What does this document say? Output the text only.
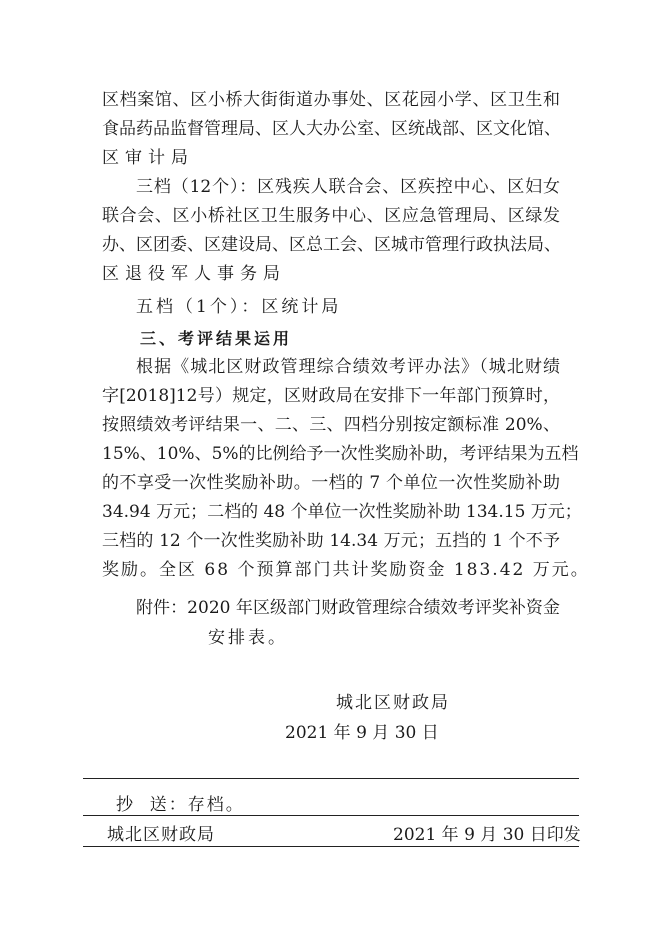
区档案馆、区小桥大街街道办事处、区花园小学、区卫生和
食品药品监督管理局、区人大办公室、区统战部、区文化馆、
区审计局
三档（12个）：区残疾人联合会、区疾控中心、区妇女
联合会、区小桥社区卫生服务中心、区应急管理局、区绿发
办、区团委、区建设局、区总工会、区城市管理行政执法局、
区退役军人事务局
五档（1个）：区统计局
三、考评结果运用
根据《城北区财政管理综合绩效考评办法》（城北财绩
字[2018]12号）规定，区财政局在安排下一年部门预算时，
按照绩效考评结果一、二、三、四档分别按定额标准 20%、
15%、10%、5%的比例给予一次性奖励补助，考评结果为五档
的不享受一次性奖励补助。一档的 7 个单位一次性奖励补助
34.94 万元；二档的 48 个单位一次性奖励补助 134.15 万元；
三档的 12 个一次性奖励补助 14.34 万元；五挡的 1 个不予
奖励。全区 68 个预算部门共计奖励资金 183.42 万元。
附件：2020 年区级部门财政管理综合绩效考评奖补资金
安排表。
城北区财政局
2021 年 9 月 30 日
抄  送：存档。
城北区财政局	2021 年 9 月 30 日印发
